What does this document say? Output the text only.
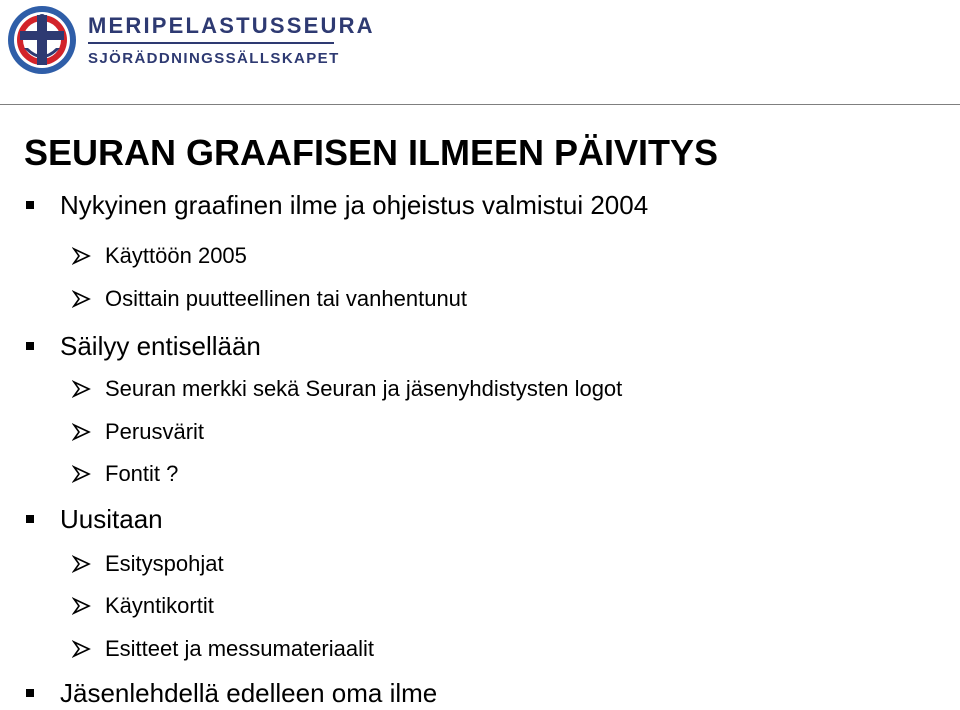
MERIPELASTUSSEURA
SJÖRÄDDNINGSSÄLLSKAPET
SEURAN GRAAFISEN ILMEEN PÄIVITYS
Nykyinen graafinen ilme ja ohjeistus valmistui 2004
Käyttöön 2005
Osittain puutteellinen tai vanhentunut
Säilyy entisellään
Seuran merkki sekä Seuran ja jäsenyhdistysten logot
Perusvärit
Fontit ?
Uusitaan
Esityspohjat
Käyntikortit
Esitteet ja messumateriaalit
Jäsenlehdellä edelleen oma ilme
